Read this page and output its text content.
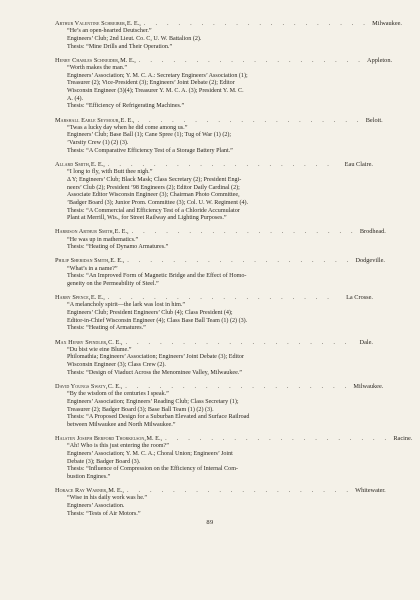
Arthur Valentine Schreiber , E. E., . . . . . . . . . . . . . . . . . . . . Milwaukee.
“He’s an open-hearted Deutscher.”
Engineers’ Club; 2nd Lieut. Co. C, U. W. Battalion (2).
Thesis: “Mine Drills and Their Operation.”
Henry Charles Schneider , M. E., . . . . . . . . . . . . . . . . . . . . Appleton.
“Worth makes the man.”
Engineers’ Association; Y. M. C. A.: Secretary Engineers’ Association (1);
Treasurer (2); Vice-President (3); Engineers’ Joint Debate (2); Editor
Wisconsin Engineer (3)(4); Treasurer Y. M. C. A. (3); President Y. M. C.
A. (4).
Thesis: “Efficiency of Refrigerating Machines.”
Marshall Earle Seymour , E. E., . . . . . . . . . . . . . . . . . . . . Beloit.
“Twas a lucky day when he did come among us.”
Engineers’ Club; Base Ball (1); Cane Spree (1); Tug of War (1) (2);
’Varsity Crew (1) (2) (3).
Thesis: “A Comparative Efficiency Test of a Storage Battery Plant.”
Allard Smith , E. E., . . . . . . . . . . . . . . . . . . . .	Eau Claire.
“I long to fly, with Butt thee nigh.”
Δ Υ; Engineers’ Club; Black Mask; Class Secretary (2); President Engi-
neers’ Club (2); President ’98 Engineers (2); Editor Daily Cardinal (2);
Associate Editor Wisconsin Engineer (3); Chairman Photo Committee,
’Badger Board (3); Junior Prom. Committee (3); Col. U. W. Regiment (4).
Thesis: “A Commercial and Efficiency Test of a Chloride Accumulator
Plant at Merrill, Wis., for Street Railway and Lighting Purposes.”
Harrison Arthur Smith , E. E., . . . . . . . . . . . . . . . . . . . . Brodhead.
“He was up in mathematics.”
Thesis: “Heating of Dynamo Armatures.”
Philip Sheridan Smith , E. E., . . . . . . . . . . . . . . . . . . . . Dodgeville.
“What’s in a name?”
Thesis: “An Improved Form of Magnetic Bridge and the Effect of Homo-
geneity on the Permeability of Steel.”
Harry Spence , E. E., . . . . . . . . . . . . . . . . . . . .	La Crosse.
“A melancholy spirit—the lark was lost in him.”
Engineers’ Club; President Engineers’ Club (4); Class President (4);
Editor-in-Chief Wisconsin Engineer (4); Class Base Ball Team (1) (2) (3).
Thesis: “Heating of Armatures.”
Max Henry Spindler , C. E., . . . . . . . . . . . . . . . . . . . .	Dale.
“Du bist wie eine Blume.”
Philomathia; Engineers’ Association; Engineers’ Joint Debate (3); Editor
Wisconsin Engineer (3); Class Crew (2).
Thesis: “Design of Viaduct Across the Menominee Valley, Milwaukee.”
David Youngs Swaty , C. E., . . . . . . . . . . . . . . . . . . . . Milwaukee.
“By the wisdom of the centuries I speak.”
Engineers’ Association; Engineers’ Reading Club; Class Secretary (1);
Treasurer (2); Badger Board (3); Base Ball Team (1) (2) (3).
Thesis: “A Proposed Design for a Suburban Elevated and Surface Railroad
between Milwaukee and North Milwaukee.”
Halsten Joseph Berford Thorkelson , M. E., . . . . . . . . . . . . . . . . . . . . Racine.
“Ah! Who is this just entering the room?”
Engineers’ Association; Y. M. C. A.; Choral Union; Engineers’ Joint
Debate (3); Badger Board (3).
Thesis: “Influence of Compression on the Efficiency of Internal Com-
bustion Engines.”
Horace Ray Warner , M. E., . . . . . . . . . . . . . . . . . . . . Whitewater.
“Wise in his daily work was he.”
Engineers’ Association.
Thesis: “Tests of Air Motors.”
89
